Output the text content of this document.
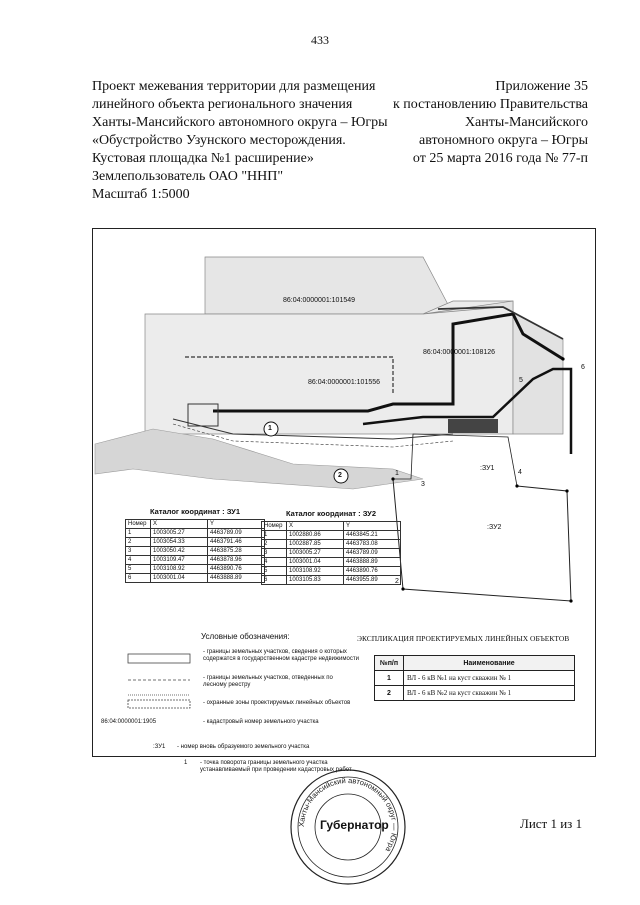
433
Проект межевания территории для размещения
линейного объекта регионального значения
Ханты-Мансийского автономного округа – Югры
«Обустройство Узунского месторождения.
Кустовая площадка №1 расширение»
Землепользователь ОАО "ННП"
Масштаб 1:5000
Приложение 35
к постановлению Правительства
Ханты-Мансийского
автономного округа – Югры
от 25 марта 2016 года № 77-п
86:04:0000001:101549
86:04:0000001:108126
86:04:0000001:101556
:ЗУ1
:ЗУ2
1
2	1
2
3
4
5
6
Каталог координат : ЗУ1
Номер	X	Y
1	1003005.27	4463789.09
2	1003054.33	4463791.46
3	1003050.42	4463875.28
4	1003109.47	4463878.96
5	1003108.92	4463890.76
6	1003001.04	4463888.89
Каталог координат : ЗУ2
Номер	X	Y
1	1002880.86	4463845.21
2	1002887.85	4463783.08
3	1003005.27	4463789.09
4	1003001.04	4463888.89
5	1003108.92	4463890.76
6	1003105.83	4463955.89
Условные обозначения:
- границы земельных участков, сведения о которых содержатся в государственном кадастре недвижимости
- границы земельных участков, отведенных по лесному реестру
- охранные зоны проектируемых линейных объектов
86:04:0000001:1905	- кадастровый номер земельного участка
:ЗУ1 - номер вновь образуемого земельного участка
ЭКСПЛИКАЦИЯ ПРОЕКТИРУЕМЫХ ЛИНЕЙНЫХ ОБЪЕКТОВ
№п/п	Наименование
1	ВЛ - 6 кВ №1 на куст скважин № 1
2	ВЛ - 6 кВ №2 на куст скважин № 1
1 - точка поворота границы земельного участка устанавливаемый при проведении кадастровых работ
Ханты-Мансийский автономный округ — Югра
Губернатор	Лист 1 из 1
